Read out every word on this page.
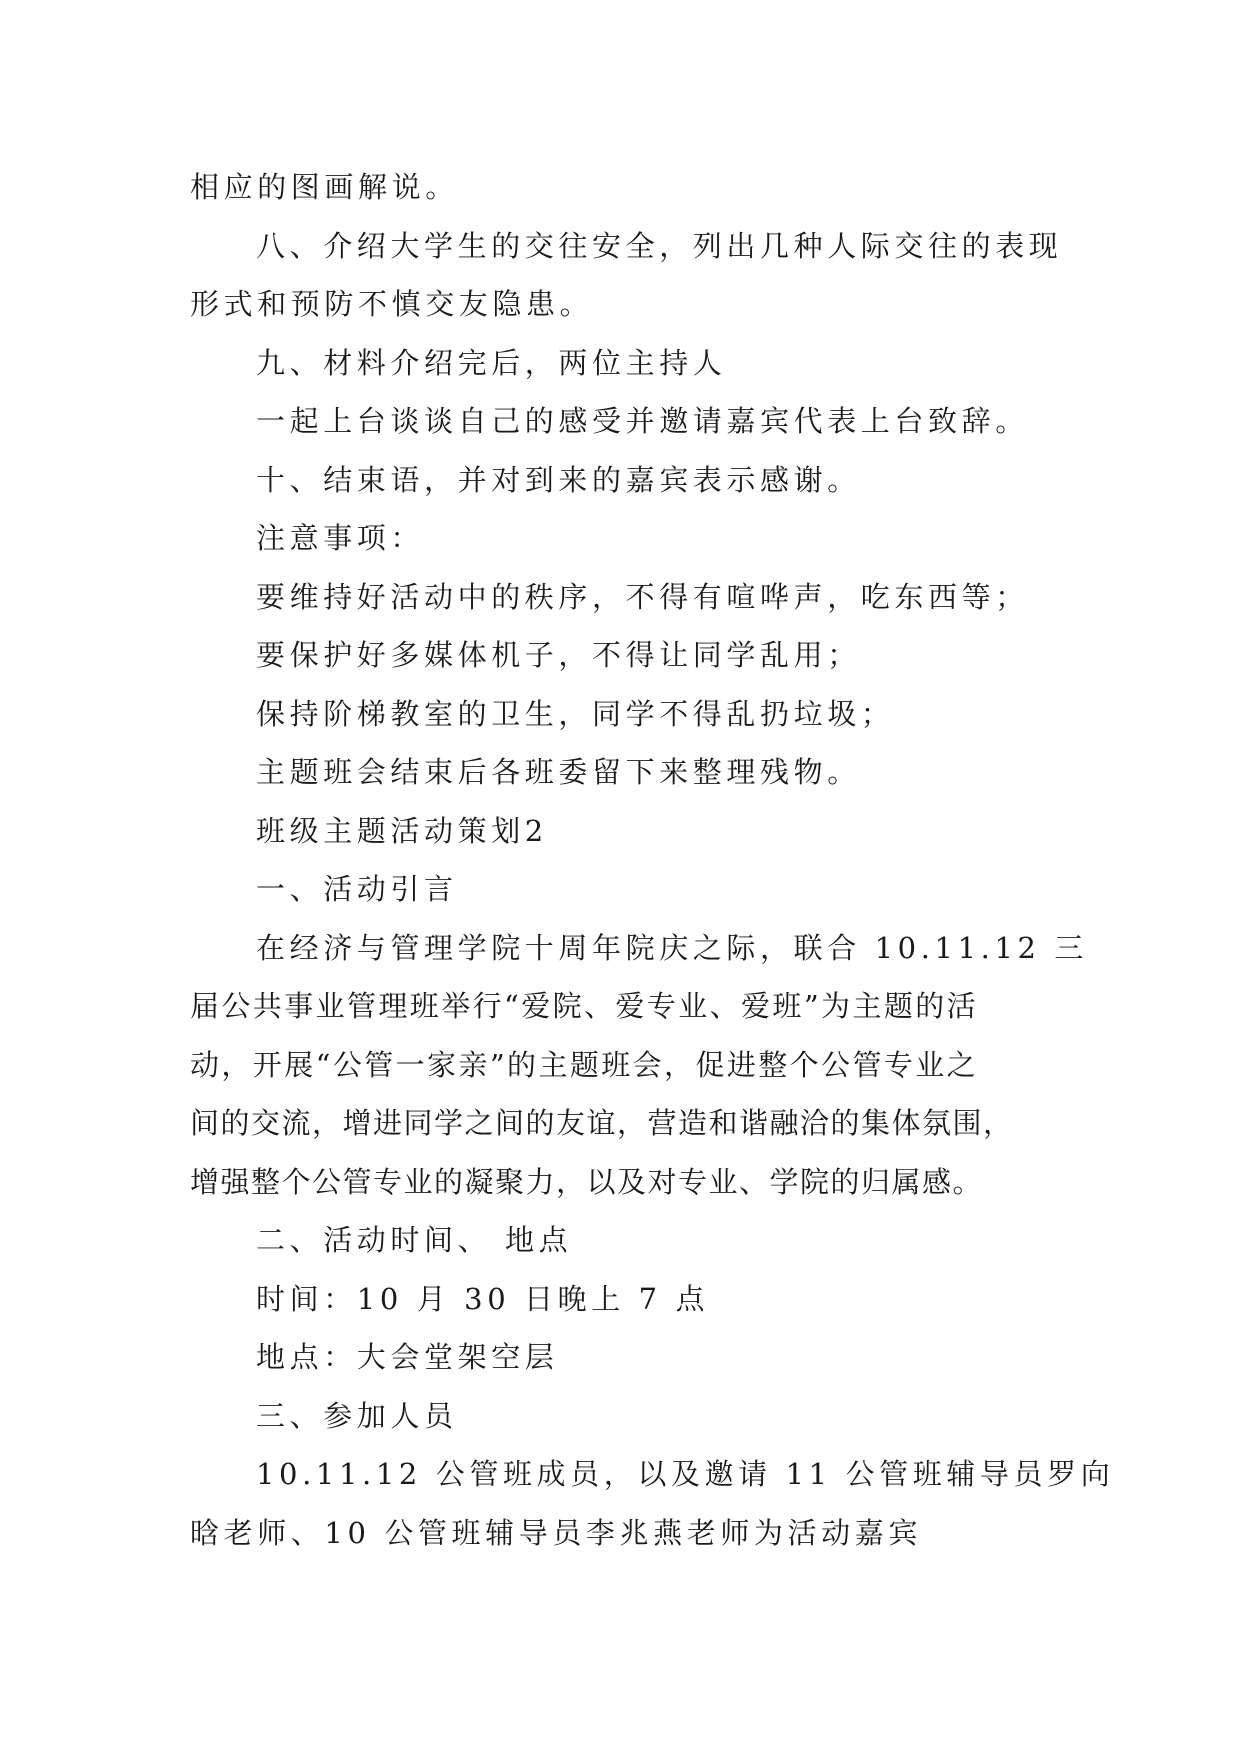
相应的图画解说。
八、介绍大学生的交往安全，列出几种人际交往的表现
形式和预防不慎交友隐患。
九、材料介绍完后，两位主持人
一起上台谈谈自己的感受并邀请嘉宾代表上台致辞。
十、结束语，并对到来的嘉宾表示感谢。
注意事项：
要维持好活动中的秩序，不得有喧哗声，吃东西等；
要保护好多媒体机子，不得让同学乱用；
保持阶梯教室的卫生，同学不得乱扔垃圾；
主题班会结束后各班委留下来整理残物。
班级主题活动策划2
一、活动引言
在经济与管理学院十周年院庆之际，联合 10.11.12 三
届公共事业管理班举行“爱院、爱专业、爱班”为主题的活
动，开展“公管一家亲”的主题班会，促进整个公管专业之
间的交流，增进同学之间的友谊，营造和谐融洽的集体氛围，
增强整个公管专业的凝聚力，以及对专业、学院的归属感。
二、活动时间、 地点
时间：10 月 30 日晚上 7 点
地点：大会堂架空层
三、参加人员
10.11.12 公管班成员，以及邀请 11 公管班辅导员罗向
晗老师、10 公管班辅导员李兆燕老师为活动嘉宾
